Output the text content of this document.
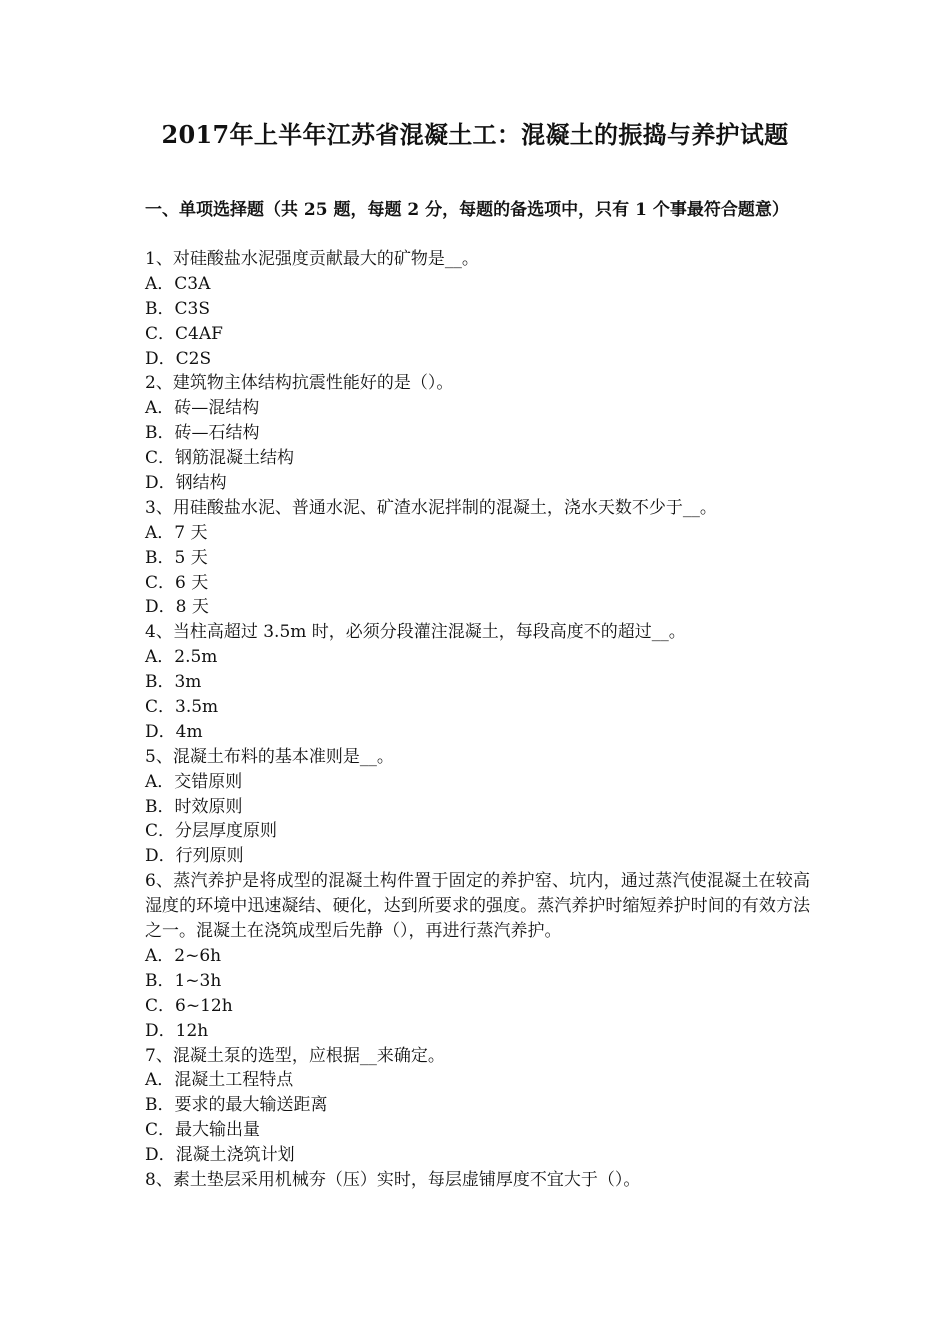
2017年上半年江苏省混凝土工：混凝土的振捣与养护试题
一、单项选择题（共 25 题，每题 2 分，每题的备选项中，只有 1 个事最符合题意）
1、对硅酸盐水泥强度贡献最大的矿物是__。
A．C3A
B．C3S
C．C4AF
D．C2S
2、建筑物主体结构抗震性能好的是（）。
A．砖—混结构
B．砖—石结构
C．钢筋混凝土结构
D．钢结构
3、用硅酸盐水泥、普通水泥、矿渣水泥拌制的混凝土，浇水天数不少于__。
A．7 天
B．5 天
C．6 天
D．8 天
4、当柱高超过 3.5m 时，必须分段灌注混凝土，每段高度不的超过__。
A．2.5m
B．3m
C．3.5m
D．4m
5、混凝土布料的基本准则是__。
A．交错原则
B．时效原则
C．分层厚度原则
D．行列原则
6、蒸汽养护是将成型的混凝土构件置于固定的养护窑、坑内，通过蒸汽使混凝土在较高湿度的环境中迅速凝结、硬化，达到所要求的强度。蒸汽养护时缩短养护时间的有效方法之一。混凝土在浇筑成型后先静（），再进行蒸汽养护。
A．2~6h
B．1~3h
C．6~12h
D．12h
7、混凝土泵的选型，应根据__来确定。
A．混凝土工程特点
B．要求的最大输送距离
C．最大输出量
D．混凝土浇筑计划
8、素土垫层采用机械夯（压）实时，每层虚铺厚度不宜大于（）。
